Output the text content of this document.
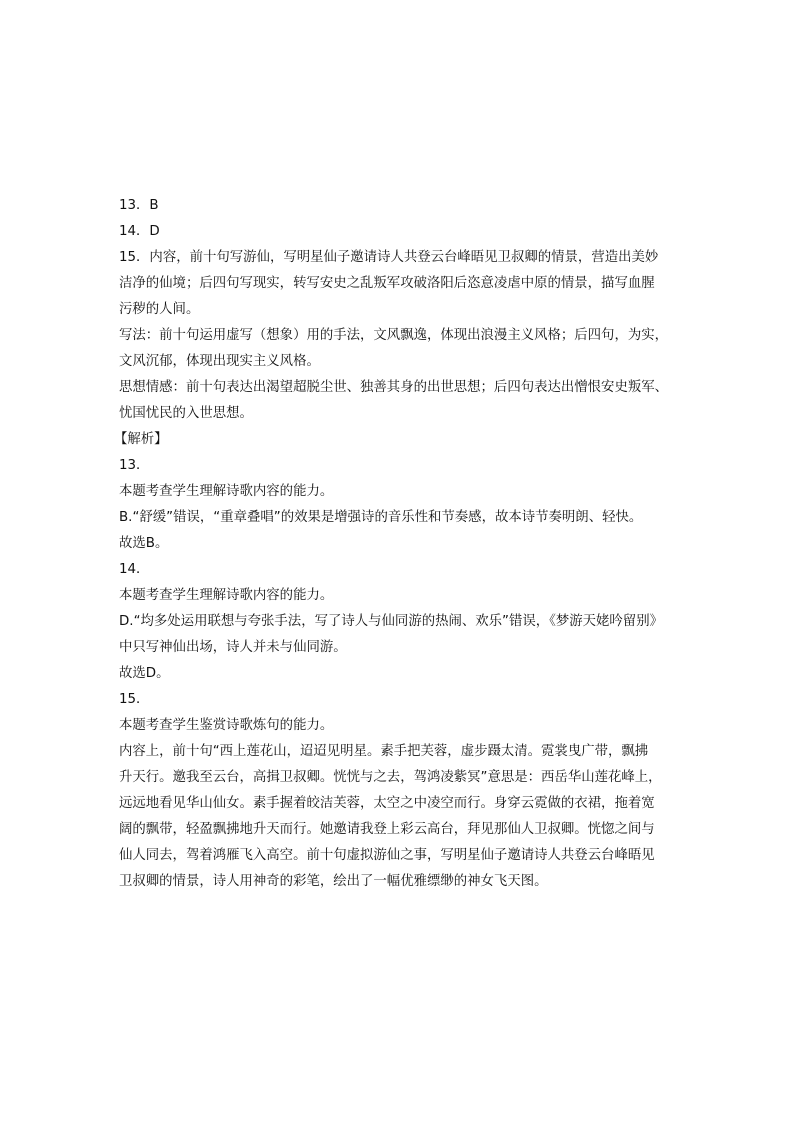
13．B

14．D

15．内容，前十句写游仙，写明星仙子邀请诗人共登云台峰晤见卫叔卿的情景，营造出美妙

洁净的仙境；后四句写现实，转写安史之乱叛军攻破洛阳后恣意凌虐中原的情景，描写血腥

污秽的人间。

写法：前十句运用虚写（想象）用的手法，文风飘逸，体现出浪漫主义风格；后四句，为实，

文风沉郁，体现出现实主义风格。

思想情感：前十句表达出渴望超脱尘世、独善其身的出世思想；后四句表达出憎恨安史叛军、

忧国忧民的入世思想。

【解析】

13．

本题考查学生理解诗歌内容的能力。

B.“舒缓”错误，“重章叠唱”的效果是增强诗的音乐性和节奏感，故本诗节奏明朗、轻快。

故选B。

14．

本题考查学生理解诗歌内容的能力。

D.“均多处运用联想与夸张手法，写了诗人与仙同游的热闹、欢乐”错误，《梦游天姥吟留别》

中只写神仙出场，诗人并未与仙同游。

故选D。

15．

本题考查学生鉴赏诗歌炼句的能力。

内容上，前十句“西上莲花山，迢迢见明星。素手把芙蓉，虚步蹑太清。霓裳曳广带，飘拂

升天行。邀我至云台，高揖卫叔卿。恍恍与之去，驾鸿凌紫冥”意思是：西岳华山莲花峰上，

远远地看见华山仙女。素手握着皎洁芙蓉，太空之中凌空而行。身穿云霓做的衣裙，拖着宽

阔的飘带，轻盈飘拂地升天而行。她邀请我登上彩云高台，拜见那仙人卫叔卿。恍惚之间与

仙人同去，驾着鸿雁飞入高空。前十句虚拟游仙之事，写明星仙子邀请诗人共登云台峰晤见

卫叔卿的情景，诗人用神奇的彩笔，绘出了一幅优雅缥缈的神女飞天图。
